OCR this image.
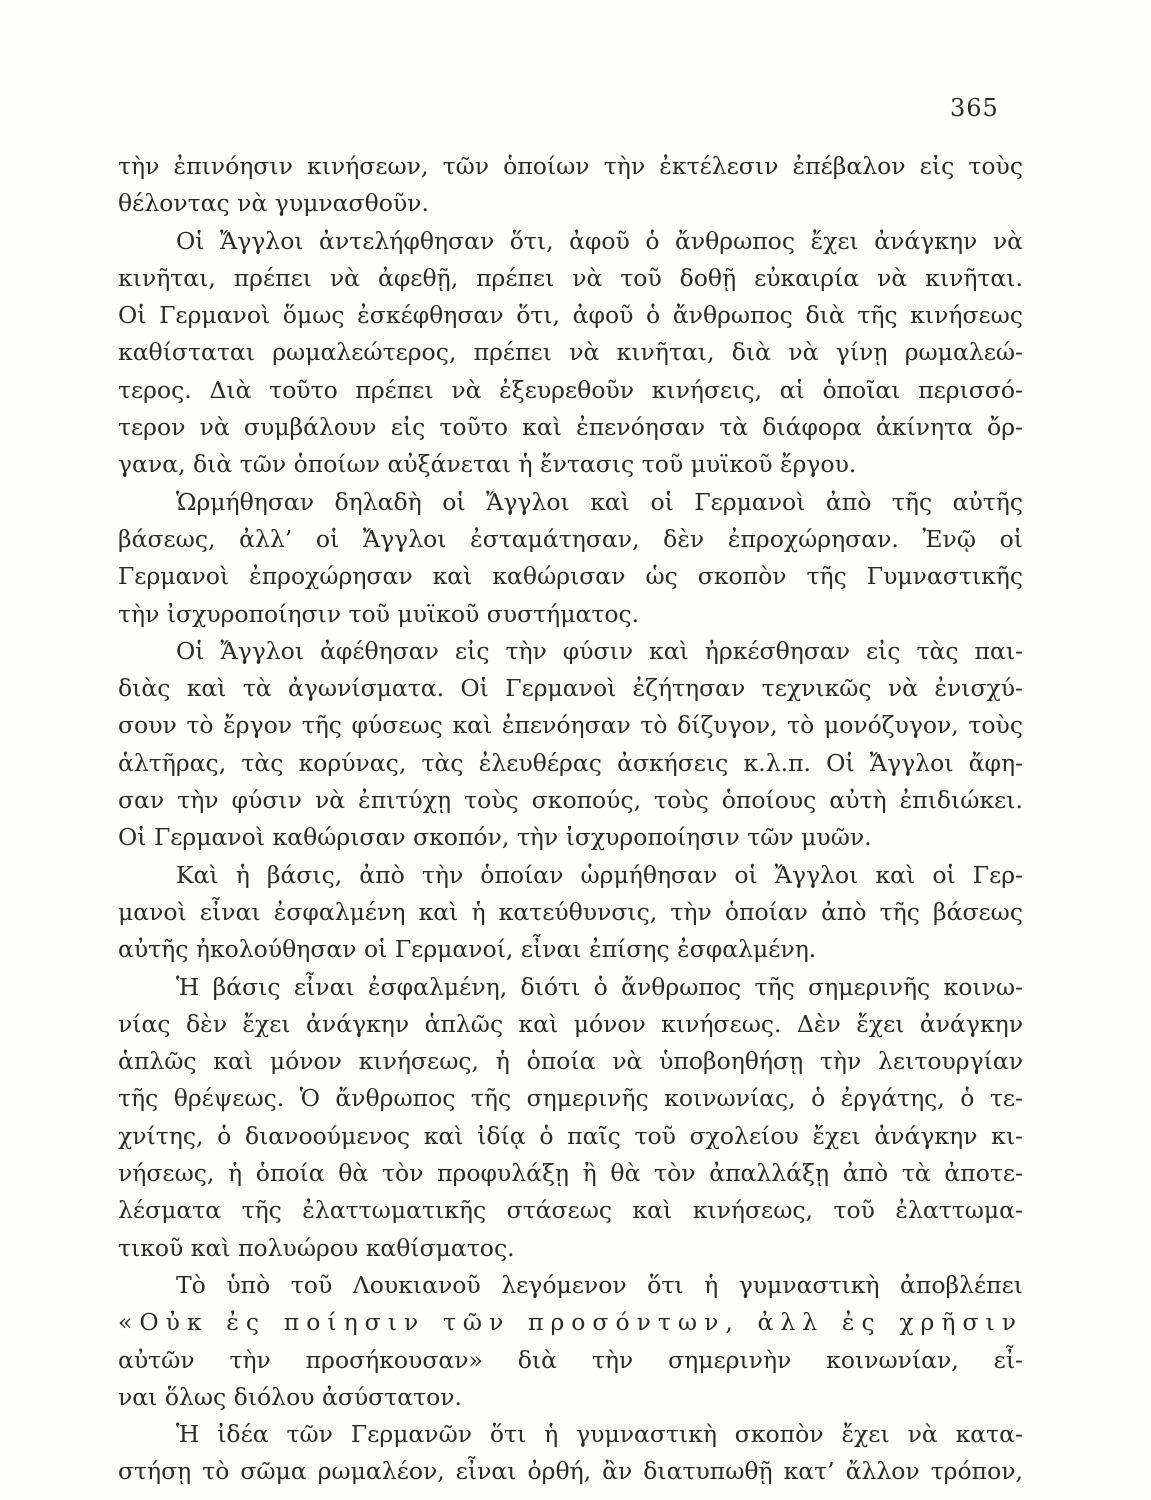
365
τὴν ἐπινόησιν κινήσεων, τῶν ὁποίων τὴν ἐκτέλεσιν ἐπέβαλον εἰς τοὺς
θέλοντας νὰ γυμνασθοῦν.
Οἱ Ἄγγλοι ἀντελήφθησαν ὅτι, ἀφοῦ ὁ ἄνθρωπος ἔχει ἀνάγκην νὰ
κινῆται, πρέπει νὰ ἀφεθῇ, πρέπει νὰ τοῦ δοθῇ εὐκαιρία νὰ κινῆται.
Οἱ Γερμανοὶ ὅμως ἐσκέφθησαν ὅτι, ἀφοῦ ὁ ἄνθρωπος διὰ τῆς κινήσεως
καθίσταται ρωμαλεώτερος, πρέπει νὰ κινῆται, διὰ νὰ γίνῃ ρωμαλεώ-
τερος. Διὰ τοῦτο πρέπει νὰ ἐξευρεθοῦν κινήσεις, αἱ ὁποῖαι περισσό-
τερον νὰ συμβάλουν εἰς τοῦτο καὶ ἐπενόησαν τὰ διάφορα ἀκίνητα ὄρ-
γανα, διὰ τῶν ὁποίων αὐξάνεται ἡ ἔντασις τοῦ μυϊκοῦ ἔργου.
Ὡρμήθησαν δηλαδὴ οἱ Ἄγγλοι καὶ οἱ Γερμανοὶ ἀπὸ τῆς αὐτῆς
βάσεως, ἀλλ’ οἱ Ἄγγλοι ἐσταμάτησαν, δὲν ἐπροχώρησαν. Ἐνῷ οἱ
Γερμανοὶ ἐπροχώρησαν καὶ καθώρισαν ὡς σκοπὸν τῆς Γυμναστικῆς
τὴν ἰσχυροποίησιν τοῦ μυϊκοῦ συστήματος.
Οἱ Ἄγγλοι ἀφέθησαν εἰς τὴν φύσιν καὶ ἠρκέσθησαν εἰς τὰς παι-
διὰς καὶ τὰ ἀγωνίσματα. Οἱ Γερμανοὶ ἐζήτησαν τεχνικῶς νὰ ἐνισχύ-
σουν τὸ ἔργον τῆς φύσεως καὶ ἐπενόησαν τὸ δίζυγον, τὸ μονόζυγον, τοὺς
ἁλτῆρας, τὰς κορύνας, τὰς ἐλευθέρας ἀσκήσεις κ.λ.π. Οἱ Ἄγγλοι ἄφη-
σαν τὴν φύσιν νὰ ἐπιτύχῃ τοὺς σκοπούς, τοὺς ὁποίους αὐτὴ ἐπιδιώκει.
Οἱ Γερμανοὶ καθώρισαν σκοπόν, τὴν ἰσχυροποίησιν τῶν μυῶν.
Καὶ ἡ βάσις, ἀπὸ τὴν ὁποίαν ὡρμήθησαν οἱ Ἄγγλοι καὶ οἱ Γερ-
μανοὶ εἶναι ἐσφαλμένη καὶ ἡ κατεύθυνσις, τὴν ὁποίαν ἀπὸ τῆς βάσεως
αὐτῆς ἠκολούθησαν οἱ Γερμανοί, εἶναι ἐπίσης ἐσφαλμένη.
Ἡ βάσις εἶναι ἐσφαλμένη, διότι ὁ ἄνθρωπος τῆς σημερινῆς κοινω-
νίας δὲν ἔχει ἀνάγκην ἁπλῶς καὶ μόνον κινήσεως. Δὲν ἔχει ἀνάγκην
ἁπλῶς καὶ μόνον κινήσεως, ἡ ὁποία νὰ ὑποβοηθήσῃ τὴν λειτουργίαν
τῆς θρέψεως. Ὁ ἄνθρωπος τῆς σημερινῆς κοινωνίας, ὁ ἐργάτης, ὁ τε-
χνίτης, ὁ διανοούμενος καὶ ἰδίᾳ ὁ παῖς τοῦ σχολείου ἔχει ἀνάγκην κι-
νήσεως, ἡ ὁποία θὰ τὸν προφυλάξῃ ἢ θὰ τὸν ἀπαλλάξῃ ἀπὸ τὰ ἀποτε-
λέσματα τῆς ἐλαττωματικῆς στάσεως καὶ κινήσεως, τοῦ ἐλαττωμα-
τικοῦ καὶ πολυώρου καθίσματος.
Τὸ ὑπὸ τοῦ Λουκιανοῦ λεγόμενον ὅτι ἡ γυμναστικὴ ἀποβλέπει
«Οὐκ ἐς ποίησιν τῶν προσόντων, ἀλλ ἐς χρῆσιν
αὐτῶν τὴν προσήκουσαν» διὰ τὴν σημερινὴν κοινωνίαν, εἶ-
ναι ὅλως διόλου ἀσύστατον.
Ἡ ἰδέα τῶν Γερμανῶν ὅτι ἡ γυμναστικὴ σκοπὸν ἔχει νὰ κατα-
στήσῃ τὸ σῶμα ρωμαλέον, εἶναι ὀρθή, ἂν διατυπωθῇ κατ’ ἄλλον τρόπον,
